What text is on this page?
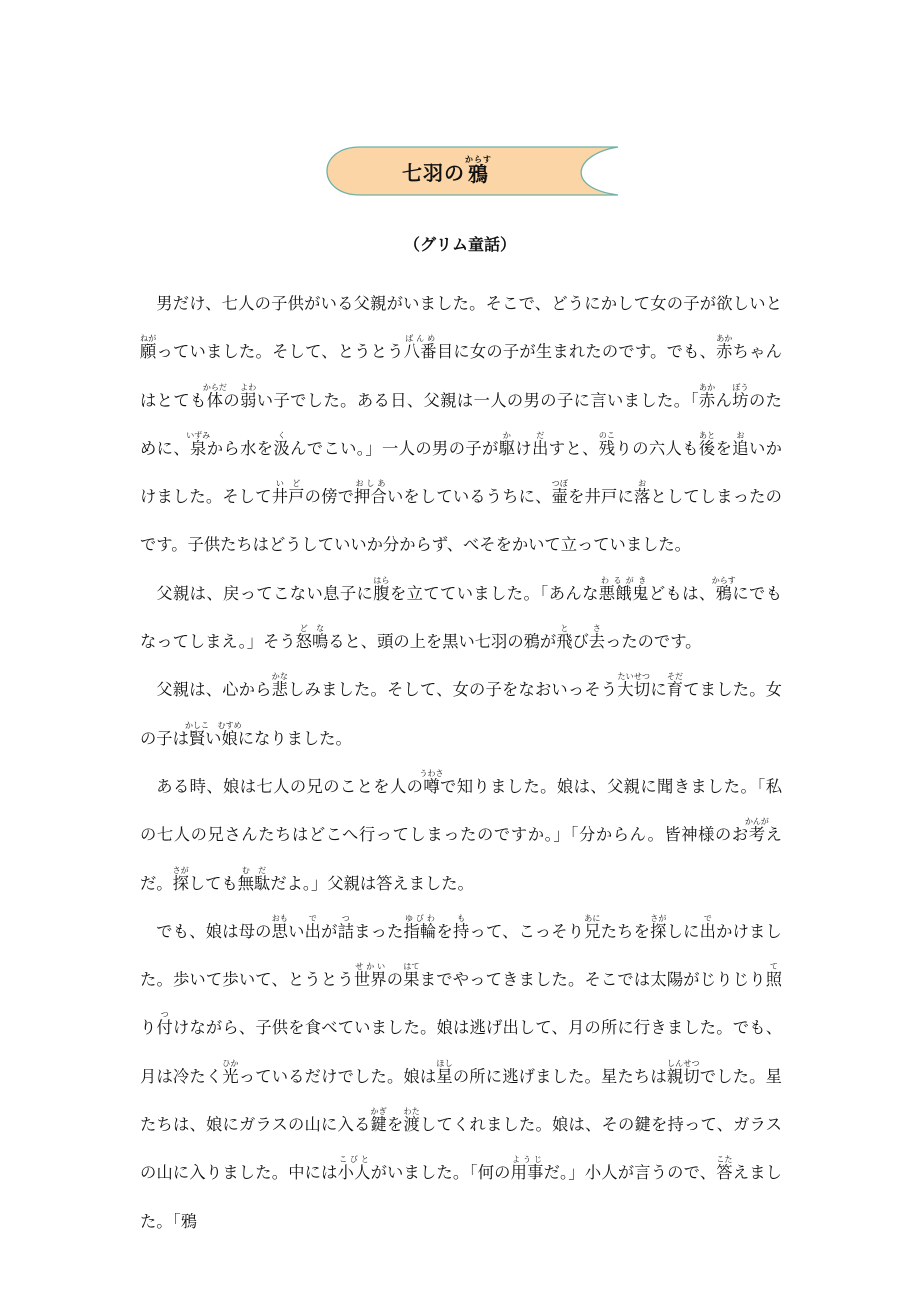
七羽の 鴉からす
（グリム童話）

男だけ、七人の子供がいる父親がいました。そこで、どうにかして女の子が欲しいと願ねがっていました。そして、とうとう八番ばんめ目に女の子が生まれたのです。でも、赤あかちゃんはとても体からだの弱よわい子でした。ある日、父親は一人の男の子に言いました。「赤あかん坊ぼうのために、泉いずみから水を汲くんでこい。」一人の男の子が駆かけ出だすと、残のこりの六人も後あとを追おいかけました。そして井戸いどの傍で押合おしあいをしているうちに、壷つぼを井戸に落おとしてしまったのです。子供たちはどうしていいか分からず、べそをかいて立っていました。

父親は、戻ってこない息子に腹はらを立てていました。「あんな悪餓鬼わるがきどもは、鴉からすにでもなってしまえ。」そう怒鳴どなると、頭の上を黒い七羽の鴉が飛とび去さったのです。

父親は、心から悲かなしみました。そして、女の子をなおいっそう大切たいせつに育そだてました。女の子は賢かしこい娘むすめになりました。

ある時、娘は七人の兄のことを人の噂うわさで知りました。娘は、父親に聞きました。「私の七人の兄さんたちはどこへ行ってしまったのですか。」「分からん。皆神様のお考かんがえだ。探さがしても無駄むだだよ。」父親は答えました。

でも、娘は母の思おもい出でが詰つまった指輪ゆびわを持もって、こっそり兄あにたちを探さがしに出でかけました。歩いて歩いて、とうとう世界せかいの果はてまでやってきました。そこでは太陽がじりじり照てり付つけながら、子供を食べていました。娘は逃げ出して、月の所に行きました。でも、月は冷たく光ひかっているだけでした。娘は星ほしの所に逃げました。星たちは親切しんせつでした。星たちは、娘にガラスの山に入る鍵かぎを渡わたしてくれました。娘は、その鍵を持って、ガラスの山に入りました。中には小人こびとがいました。「何の用事ようじだ。」小人が言うので、答こたえました。「鴉
